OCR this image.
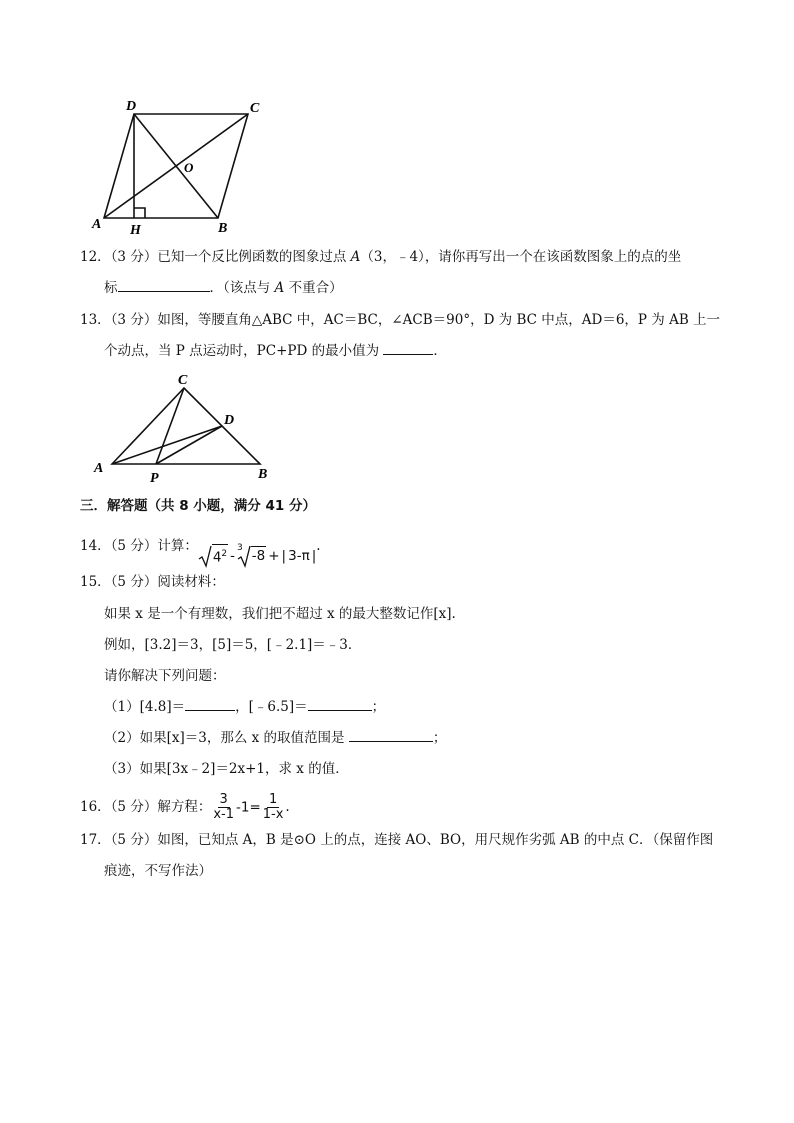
D	C
O
A H	B
12．（3 分）已知一个反比例函数的图象过点 A（3，﹣4），请你再写出一个在该函数图象上的点的坐
标	．（该点与 A 不重合）
13．（3 分）如图，等腰直角△ABC 中，AC＝BC，∠ACB＝90°，D 为 BC 中点，AD＝6，P 为 AB 上一
个动点，当 P 点运动时，PC+PD 的最小值为	．
C
D
A
P	B
三．解答题（共 8 小题，满分 41 分）
14．（5 分）计算：$4^2 - ^3-8$ + | 3-π |.
15．（5 分）阅读材料：
如果 x 是一个有理数，我们把不超过 x 的最大整数记作[x].
例如，[3.2]＝3，[5]＝5，[﹣2.1]＝﹣3．
请你解决下列问题：
（1）[4.8]＝	，[﹣6.5]＝	；
（2）如果[x]＝3，那么 x 的取值范围是	；
（3）如果[3x﹣2]＝2x+1，求 x 的值．
16．（5 分）解方程： $\frac{3}{x-1} -1= \frac{1}{1-x}$ .
17．（5 分）如图，已知点 A，B 是⊙O 上的点，连接 AO、BO，用尺规作劣弧 AB 的中点 C．（保留作图
痕迹，不写作法）
